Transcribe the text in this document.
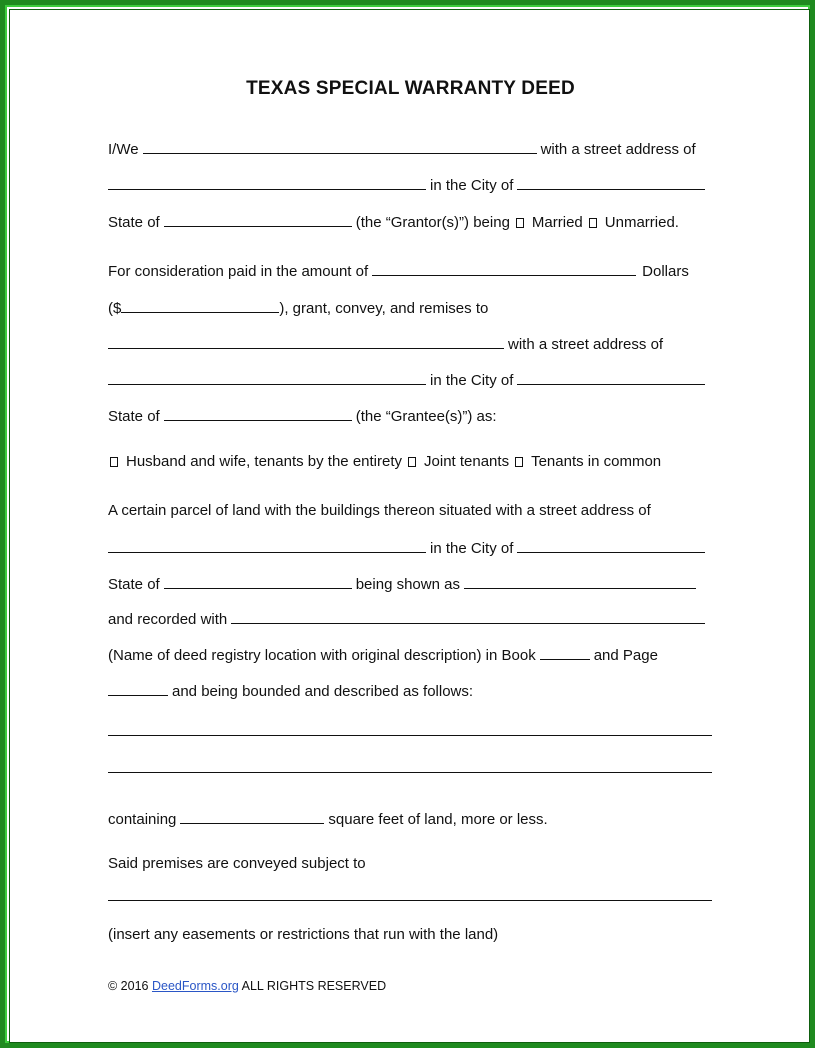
TEXAS SPECIAL WARRANTY DEED
I/We	with a street address of
in the City of
State of	(the “Grantor(s)”) being Married Unmarried.
For consideration paid in the amount of	Dollars
($	), grant, convey, and remises to
with a street address of
in the City of
State of	(the “Grantee(s)”) as:
Husband and wife, tenants by the entirety Joint tenants Tenants in common
A certain parcel of land with the buildings thereon situated with a street address of
in the City of
State of	being shown as
and recorded with
(Name of deed registry location with original description) in Book	and Page
and being bounded and described as follows:
containing	square feet of land, more or less.
Said premises are conveyed subject to
(insert any easements or restrictions that run with the land)
© 2016 DeedForms.org ALL RIGHTS RESERVED
